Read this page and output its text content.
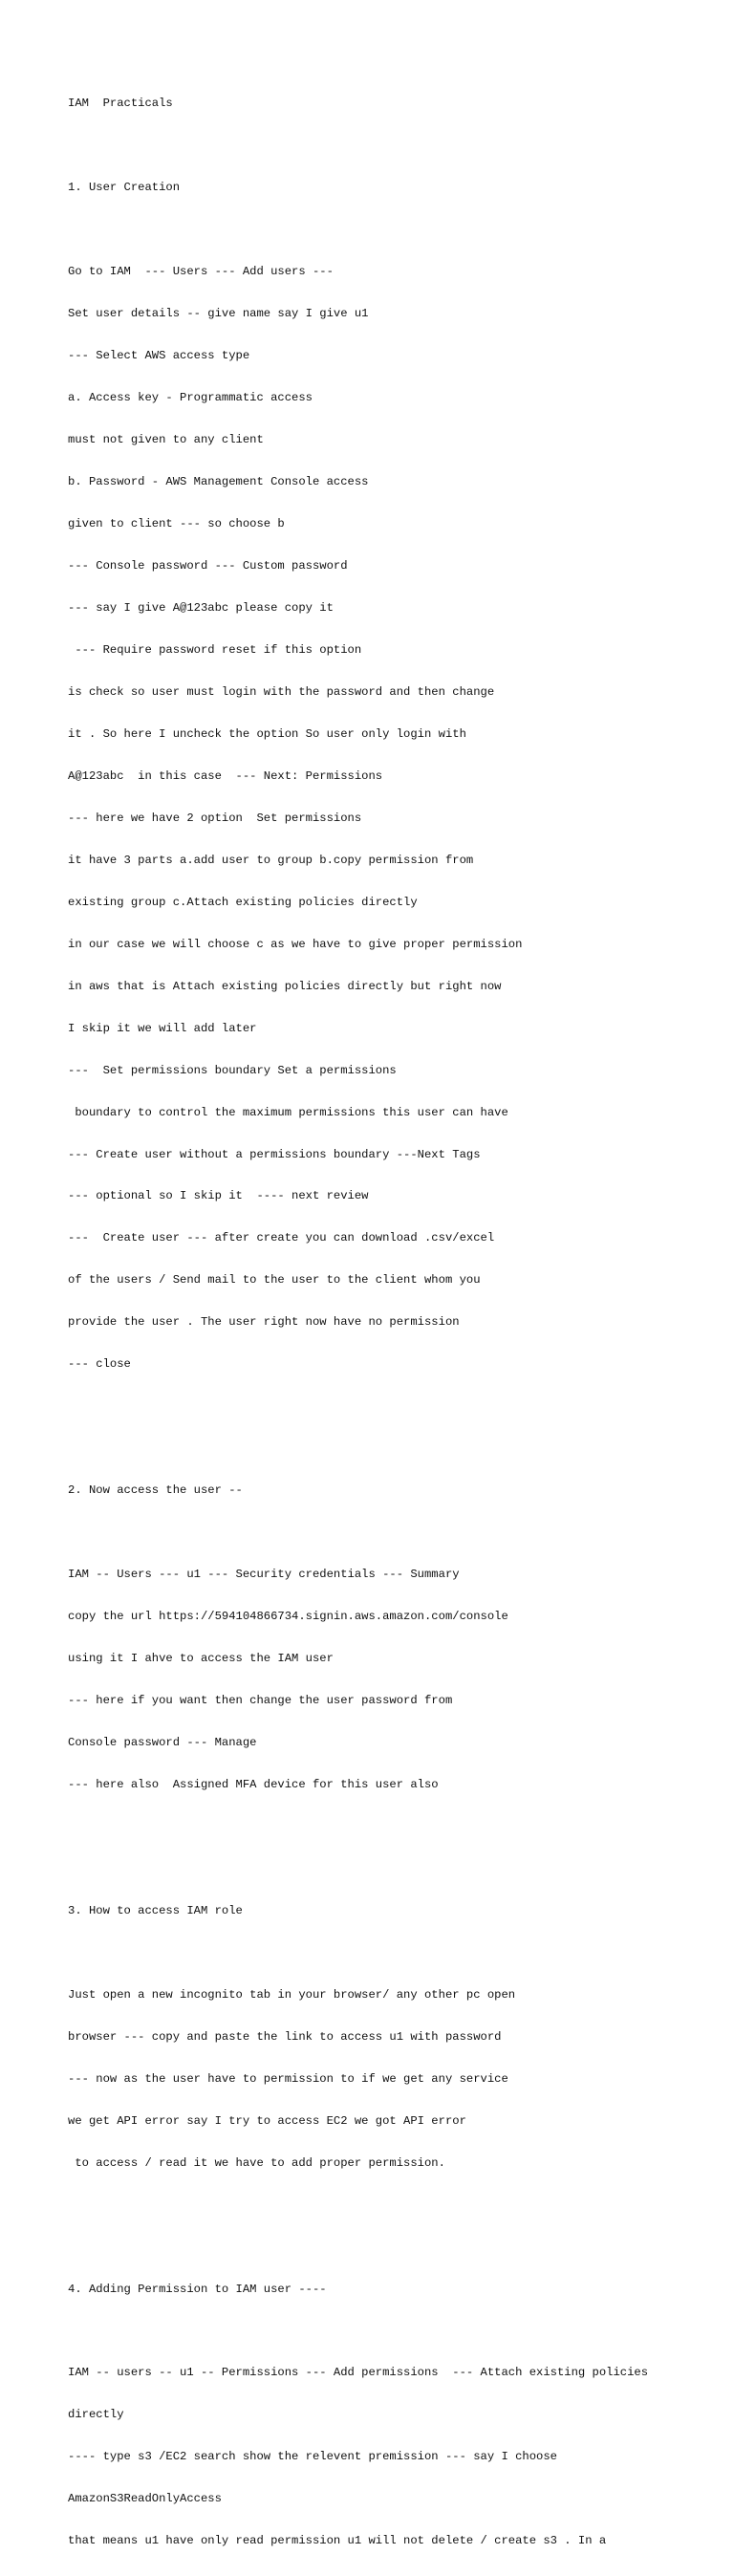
IAM  Practicals

1. User Creation

Go to IAM  --- Users --- Add users ---

Set user details -- give name say I give u1

--- Select AWS access type

a. Access key - Programmatic access

must not given to any client

b. Password - AWS Management Console access

given to client --- so choose b

--- Console password --- Custom password

--- say I give A@123abc please copy it

--- Require password reset if this option

is check so user must login with the password and then change

it . So here I uncheck the option So user only login with

A@123abc  in this case  --- Next: Permissions

--- here we have 2 option  Set permissions

it have 3 parts a.add user to group b.copy permission from

existing group c.Attach existing policies directly

in our case we will choose c as we have to give proper permission

in aws that is Attach existing policies directly but right now

I skip it we will add later

---  Set permissions boundary Set a permissions

boundary to control the maximum permissions this user can have

--- Create user without a permissions boundary ---Next Tags

--- optional so I skip it  ---- next review

---  Create user --- after create you can download .csv/excel

of the users / Send mail to the user to the client whom you

provide the user . The user right now have no permission

--- close

2. Now access the user --

IAM -- Users --- u1 --- Security credentials --- Summary

copy the url https://594104866734.signin.aws.amazon.com/console

using it I ahve to access the IAM user

--- here if you want then change the user password from

Console password --- Manage

--- here also  Assigned MFA device for this user also

3. How to access IAM role

Just open a new incognito tab in your browser/ any other pc open

browser --- copy and paste the link to access u1 with password

--- now as the user have to permission to if we get any service

we get API error say I try to access EC2 we got API error

to access / read it we have to add proper permission.

4. Adding Permission to IAM user ----

IAM -- users -- u1 -- Permissions --- Add permissions  --- Attach existing policies

directly

---- type s3 /EC2 search show the relevent premission --- say I choose

AmazonS3ReadOnlyAccess

that means u1 have only read permission u1 will not delete / create s3 . In a
